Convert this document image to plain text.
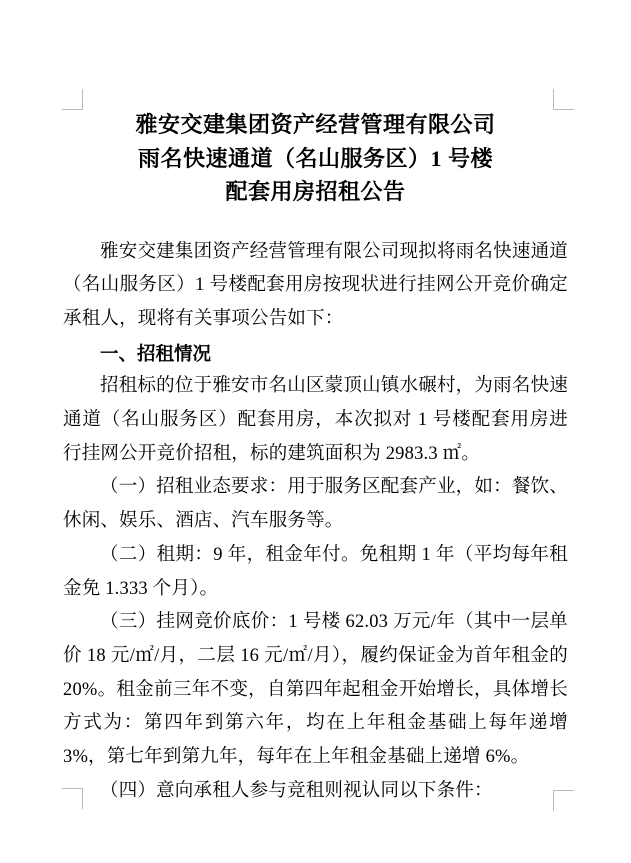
雅安交建集团资产经营管理有限公司
雨名快速通道（名山服务区）1 号楼
配套用房招租公告

雅安交建集团资产经营管理有限公司现拟将雨名快速通道（名山服务区）1 号楼配套用房按现状进行挂网公开竞价确定承租人，现将有关事项公告如下：

一、招租情况

招租标的位于雅安市名山区蒙顶山镇水碾村，为雨名快速通道（名山服务区）配套用房，本次拟对 1 号楼配套用房进行挂网公开竞价招租，标的建筑面积为 2983.3 ㎡。

（一）招租业态要求：用于服务区配套产业，如：餐饮、休闲、娱乐、酒店、汽车服务等。

（二）租期：9 年，租金年付。免租期 1 年（平均每年租金免 1.333 个月）。

（三）挂网竞价底价：1 号楼 62.03 万元/年（其中一层单价 18 元/㎡/月，二层 16 元/㎡/月），履约保证金为首年租金的 20%。租金前三年不变，自第四年起租金开始增长，具体增长方式为：第四年到第六年，均在上年租金基础上每年递增 3%，第七年到第九年，每年在上年租金基础上递增 6%。

（四）意向承租人参与竞租则视认同以下条件：
